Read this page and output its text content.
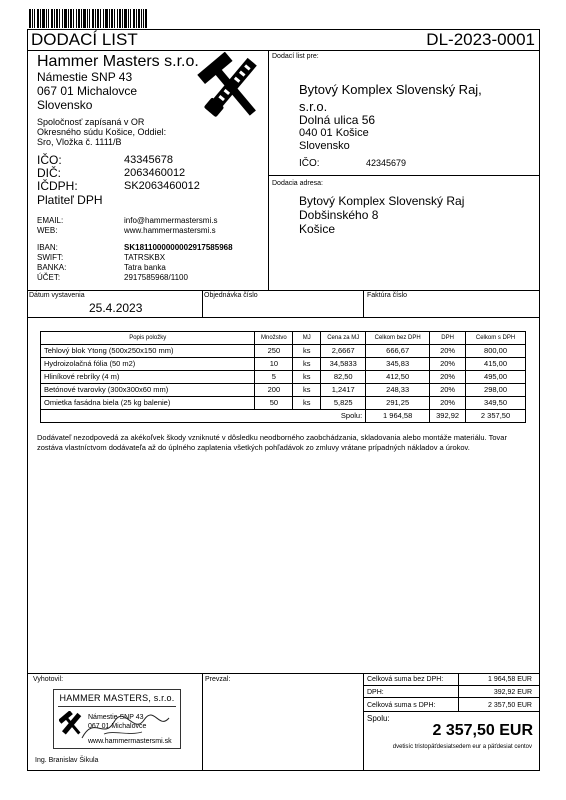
DODACÍ LIST	DL-2023-0001
Hammer Masters s.r.o.
Námestie SNP 43
067 01 Michalovce
Slovensko
Spoločnosť zapísaná v OR
Okresného súdu Košice, Oddiel:
Sro, Vložka č. 1111/B
IČO:	43345678
DIČ:	2063460012
IČDPH:	SK2063460012
Platiteľ DPH
EMAIL:	info@hammermastersmi.s
WEB:	www.hammermastersmi.s
IBAN:	SK1811000000002917585968
SWIFT:	TATRSKBX
BANKA:	Tatra banka
ÚČET:	2917585968/1100
Dodací list pre:
Bytový Komplex Slovenský Raj,
s.r.o.
Dolná ulica 56
040 01 Košice
Slovensko
IČO:	42345679
Dodacia adresa:
Bytový Komplex Slovenský Raj
Dobšinského 8
Košice
Dátum vystavenia
25.4.2023
Objednávka číslo	Faktúra číslo
Popis položky	Množstvo	MJ	Cena za MJ	Celkom bez DPH	DPH	Celkom s DPH
Tehlový blok Ytong (500x250x150 mm)	250	ks	2,6667	666,67	20%	800,00
Hydroizolačná fólia (50 m2)	10	ks	34,5833	345,83	20%	415,00
Hliníkové rebríky (4 m)	5	ks	82,50	412,50	20%	495,00
Betónové tvarovky (300x300x60 mm)	200	ks	1,2417	248,33	20%	298,00
Omietka fasádna biela (25 kg balenie)	50	ks	5,825	291,25	20%	349,50
Spolu:				1 964,58	392,92	2 357,50
Dodávateľ nezodpovedá za akékoľvek škody vzniknuté v dôsledku neodborného zaobchádzania, skladovania alebo montáže materiálu. Tovar zostáva vlastníctvom dodávateľa až do úplného zaplatenia všetkých pohľadávok zo zmluvy vrátane prípadných nákladov a úrokov.
Vyhotovil:	Prevzal:
HAMMER MASTERS, s.r.o.
Námestie SNP 43
067 01 Michalovce
www.hammermastersmi.sk
Ing. Branislav Šikula
Celková suma bez DPH:	1 964,58 EUR
DPH:	392,92 EUR
Celková suma s DPH:	2 357,50 EUR
Spolu:
2 357,50 EUR
dvetisíc tristopäťdesiatsedem eur a päťdesiat centov
